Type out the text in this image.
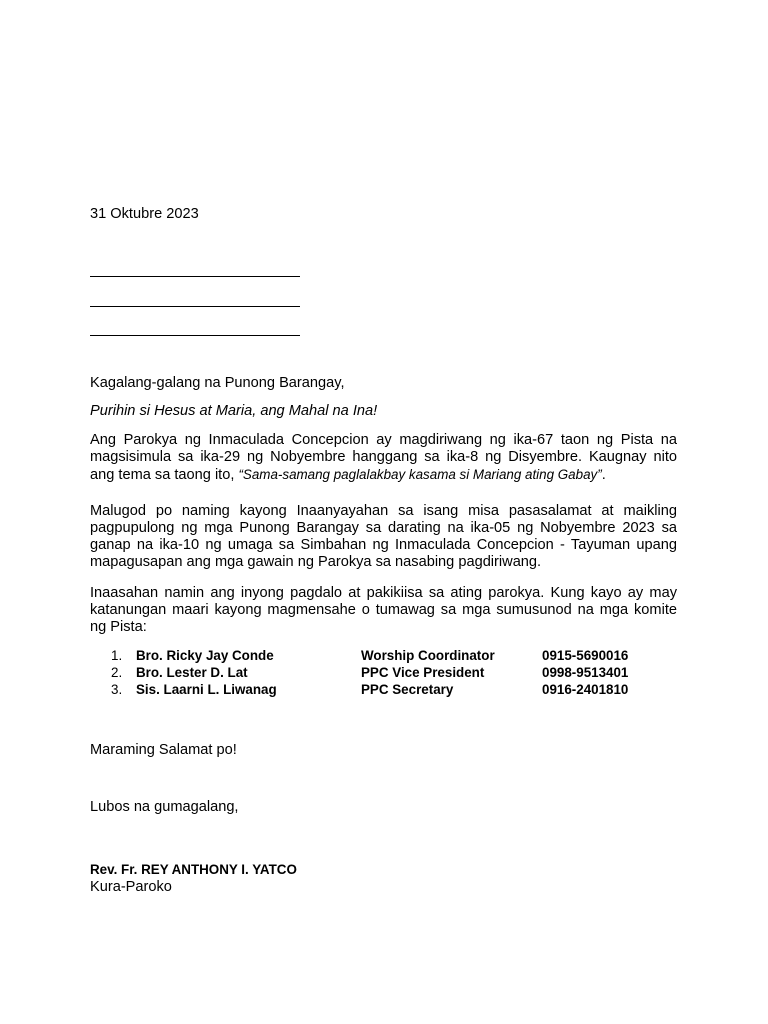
31 Oktubre 2023

Kagalang-galang na Punong Barangay,

Purihin si Hesus at Maria, ang Mahal na Ina!

Ang Parokya ng Inmaculada Concepcion ay magdiriwang ng ika-67 taon ng Pista na
magsisimula sa ika-29 ng Nobyembre hanggang sa ika-8 ng Disyembre. Kaugnay nito
ang tema sa taong ito, “Sama-samang paglalakbay kasama si Mariang ating Gabay”.
Malugod po naming kayong Inaanyayahan sa isang misa pasasalamat at maikling
pagpupulong ng mga Punong Barangay sa darating na ika-05 ng Nobyembre 2023 sa
ganap na ika-10 ng umaga sa Simbahan ng Inmaculada Concepcion - Tayuman upang
mapagusapan ang mga gawain ng Parokya sa nasabing pagdiriwang.
Inaasahan namin ang inyong pagdalo at pakikiisa sa ating parokya. Kung kayo ay may
katanungan maari kayong magmensahe o tumawag sa mga sumusunod na mga komite
ng Pista:
1. Bro. Ricky Jay Conde	Worship Coordinator	0915-5690016
2. Bro. Lester D. Lat	PPC Vice President	0998-9513401
3. Sis. Laarni L. Liwanag	PPC Secretary	0916-2401810

Maraming Salamat po!

Lubos na gumagalang,

Rev. Fr. REY ANTHONY I. YATCO

Kura-Paroko
